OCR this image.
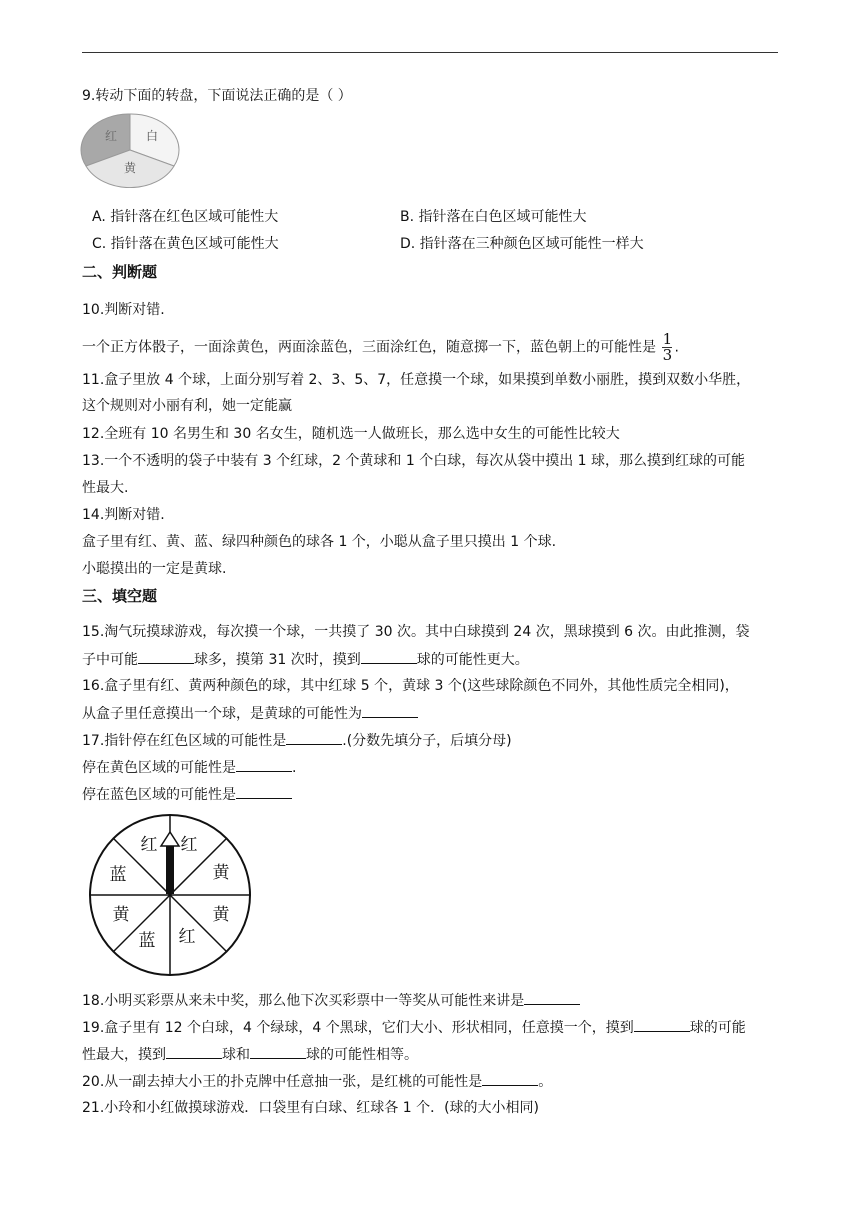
9.转动下面的转盘，下面说法正确的是（ ）
红 白
黄
A. 指针落在红色区域可能性大	B. 指针落在白色区域可能性大
C. 指针落在黄色区域可能性大	D. 指针落在三种颜色区域可能性一样大
二、判断题
10.判断对错.
一个正方体骰子，一面涂黄色，两面涂蓝色，三面涂红色，随意掷一下，蓝色朝上的可能性是 $\frac{1}{3}$ .
11.盒子里放 4 个球，上面分别写着 2、3、5、7，任意摸一个球，如果摸到单数小丽胜，摸到双数小华胜，
这个规则对小丽有利，她一定能赢
12.全班有 10 名男生和 30 名女生，随机选一人做班长，那么选中女生的可能性比较大
13.一个不透明的袋子中装有 3 个红球，2 个黄球和 1 个白球，每次从袋中摸出 1 球，那么摸到红球的可能
性最大.
14.判断对错.
盒子里有红、黄、蓝、绿四种颜色的球各 1 个，小聪从盒子里只摸出 1 个球.
小聪摸出的一定是黄球.
三、填空题
15.淘气玩摸球游戏，每次摸一个球，一共摸了 30 次。其中白球摸到 24 次，黑球摸到 6 次。由此推测，袋
子中可能	球多，摸第 31 次时，摸到	球的可能性更大。
16.盒子里有红、黄两种颜色的球，其中红球 5 个，黄球 3 个(这些球除颜色不同外，其他性质完全相同)，
从盒子里任意摸出一个球，是黄球的可能性为
17.指针停在红色区域的可能性是	.(分数先填分子，后填分母)
停在黄色区域的可能性是	.
停在蓝色区域的可能性是
红
黄
黄
红
蓝
黄
蓝
红
18.小明买彩票从来未中奖，那么他下次买彩票中一等奖从可能性来讲是
19.盒子里有 12 个白球，4 个绿球，4 个黑球，它们大小、形状相同，任意摸一个，摸到	球的可能
性最大，摸到	球和	球的可能性相等。
20.从一副去掉大小王的扑克牌中任意抽一张，是红桃的可能性是	。
21.小玲和小红做摸球游戏．口袋里有白球、红球各 1 个．(球的大小相同)
